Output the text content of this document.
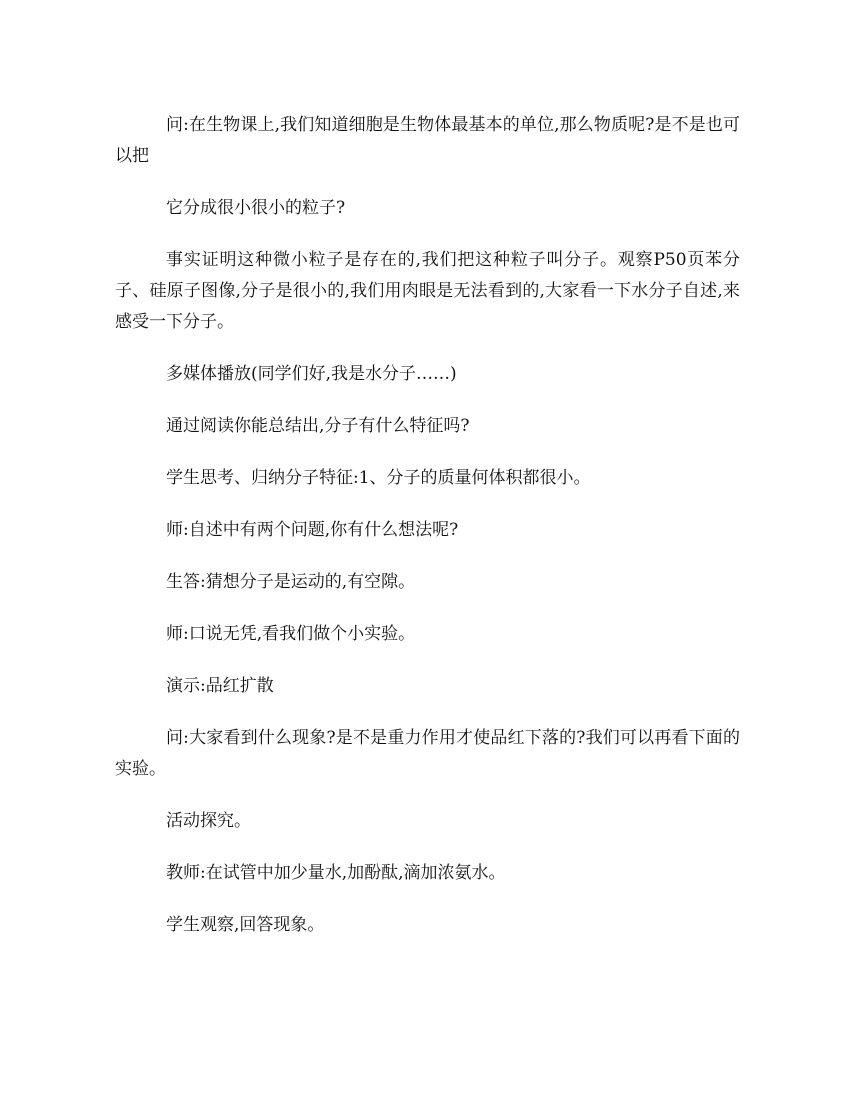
问:在生物课上,我们知道细胞是生物体最基本的单位,那么物质呢?是不是也可以把

它分成很小很小的粒子?

事实证明这种微小粒子是存在的,我们把这种粒子叫分子。观察P50页苯分子、硅原子图像,分子是很小的,我们用肉眼是无法看到的,大家看一下水分子自述,来感受一下分子。

多媒体播放(同学们好,我是水分子……)

通过阅读你能总结出,分子有什么特征吗?

学生思考、归纳分子特征:1、分子的质量何体积都很小。

师:自述中有两个问题,你有什么想法呢?

生答:猜想分子是运动的,有空隙。

师:口说无凭,看我们做个小实验。

演示:品红扩散

问:大家看到什么现象?是不是重力作用才使品红下落的?我们可以再看下面的实验。

活动探究。

教师:在试管中加少量水,加酚酞,滴加浓氨水。

学生观察,回答现象。
